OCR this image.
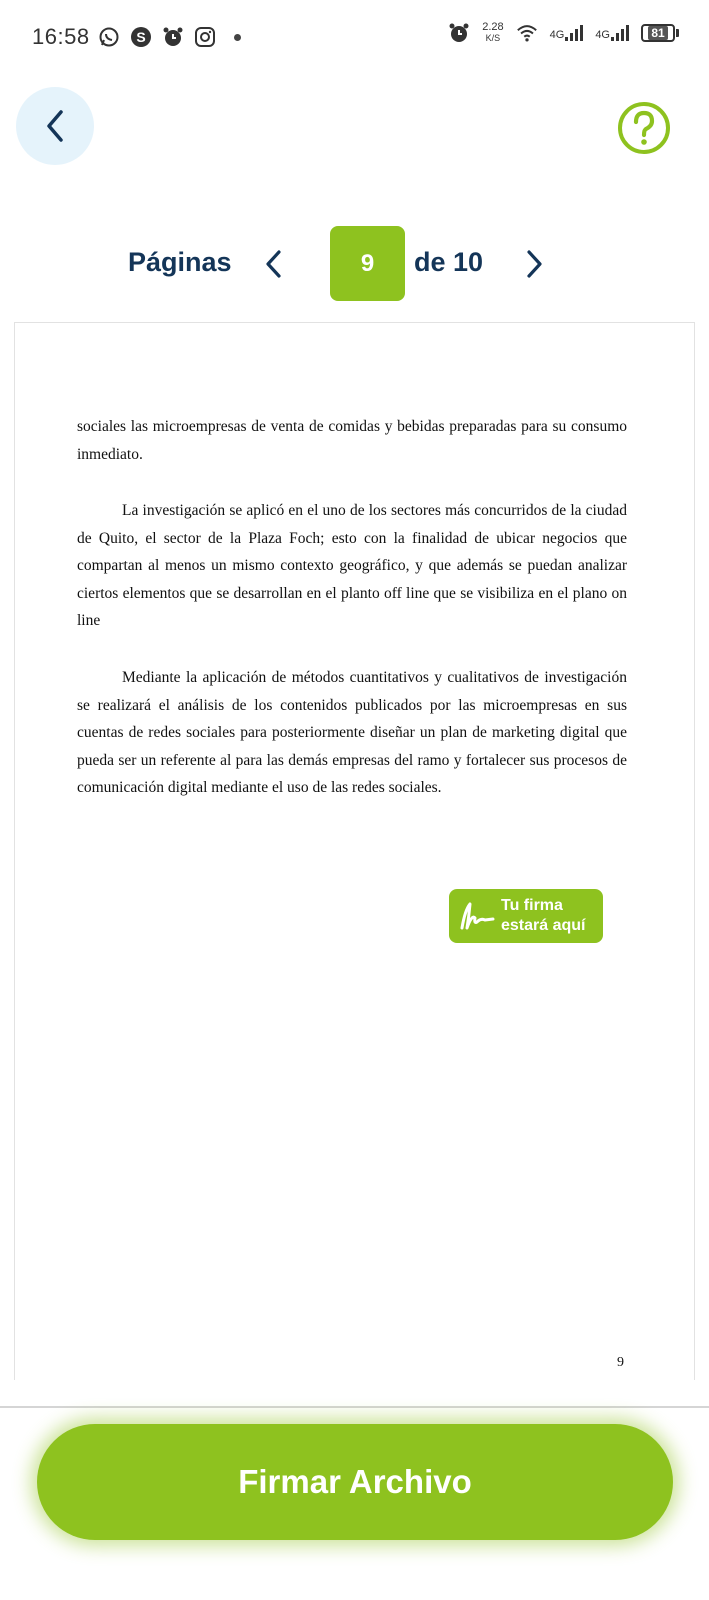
16:58	S
2.28
K/S	4G	4G	81
Páginas	9	de 10

sociales las microempresas de venta de comidas y bebidas preparadas para su consumo inmediato.

La investigación se aplicó en el uno de los sectores más concurridos de la ciudad de Quito, el sector de la Plaza Foch; esto con la finalidad de ubicar negocios que compartan al menos un mismo contexto geográfico, y que además se puedan analizar ciertos elementos que se desarrollan en el planto off line que se visibiliza en el plano on line

Mediante la aplicación de métodos cuantitativos y cualitativos de investigación se realizará el análisis de los contenidos publicados por las microempresas en sus cuentas de redes sociales para posteriormente diseñar un plan de marketing digital que pueda ser un referente al para las demás empresas del ramo y fortalecer sus procesos de comunicación digital mediante el uso de las redes sociales.

Tu firma
estará aquí
9
Firmar Archivo
